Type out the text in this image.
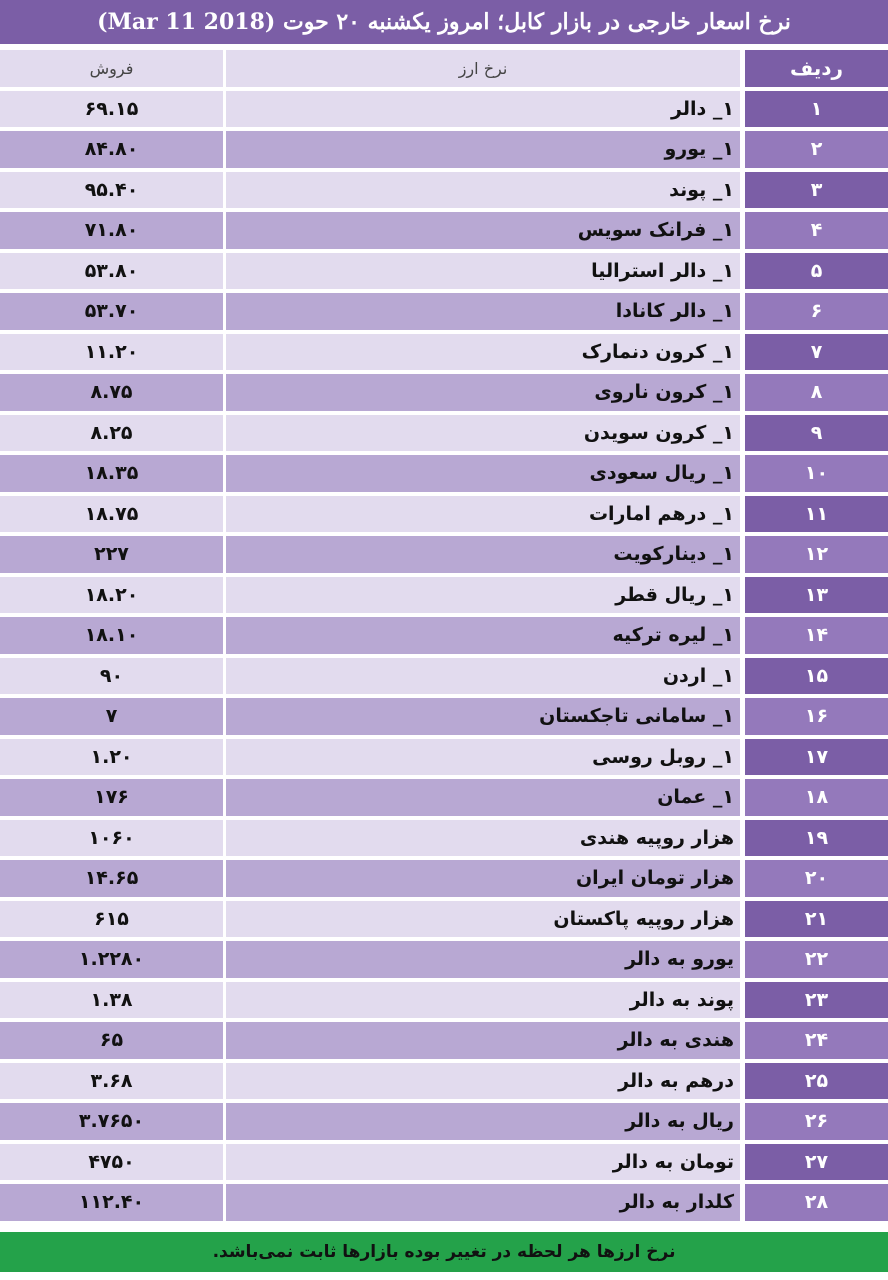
نرخ اسعار خارجی در بازار کابل؛ امروز یکشنبه ۲۰ حوت (Mar 11 2018)
ردیف
نرخ ارز
فروش
۱
۱_ دالر
۶۹.۱۵
۲
۱_ یورو
۸۴.۸۰
۳
۱_ پوند
۹۵.۴۰
۴
۱_ فرانک سویس
۷۱.۸۰
۵
۱_ دالر استرالیا
۵۳.۸۰
۶
۱_ دالر کانادا
۵۳.۷۰
۷
۱_ کرون دنمارک
۱۱.۲۰
۸
۱_ کرون ناروی
۸.۷۵
۹
۱_ کرون سویدن
۸.۲۵
۱۰
۱_ ریال سعودی
۱۸.۳۵
۱۱
۱_ درهم امارات
۱۸.۷۵
۱۲
۱_ دینارکویت
۲۲۷
۱۳
۱_ ریال قطر
۱۸.۲۰
۱۴
۱_ لیره ترکیه
۱۸.۱۰
۱۵
۱_ اردن
۹۰
۱۶
۱_ سامانی تاجکستان
۷
۱۷
۱_ روبل روسی
۱.۲۰
۱۸
۱_ عمان
۱۷۶
۱۹
هزار روپیه هندی
۱۰۶۰
۲۰
هزار تومان ایران
۱۴.۶۵
۲۱
هزار روپیه پاکستان
۶۱۵
۲۲
یورو به دالر
۱.۲۲۸۰
۲۳
پوند به دالر
۱.۳۸
۲۴
هندی به دالر
۶۵
۲۵
درهم به دالر
۳.۶۸
۲۶
ریال به دالر
۳.۷۶۵۰
۲۷
تومان به دالر
۴۷۵۰
۲۸
کلدار به دالر
۱۱۲.۴۰
نرخ ارزها هر لحظه در تغییر بوده بازارها ثابت نمی‌باشد.
